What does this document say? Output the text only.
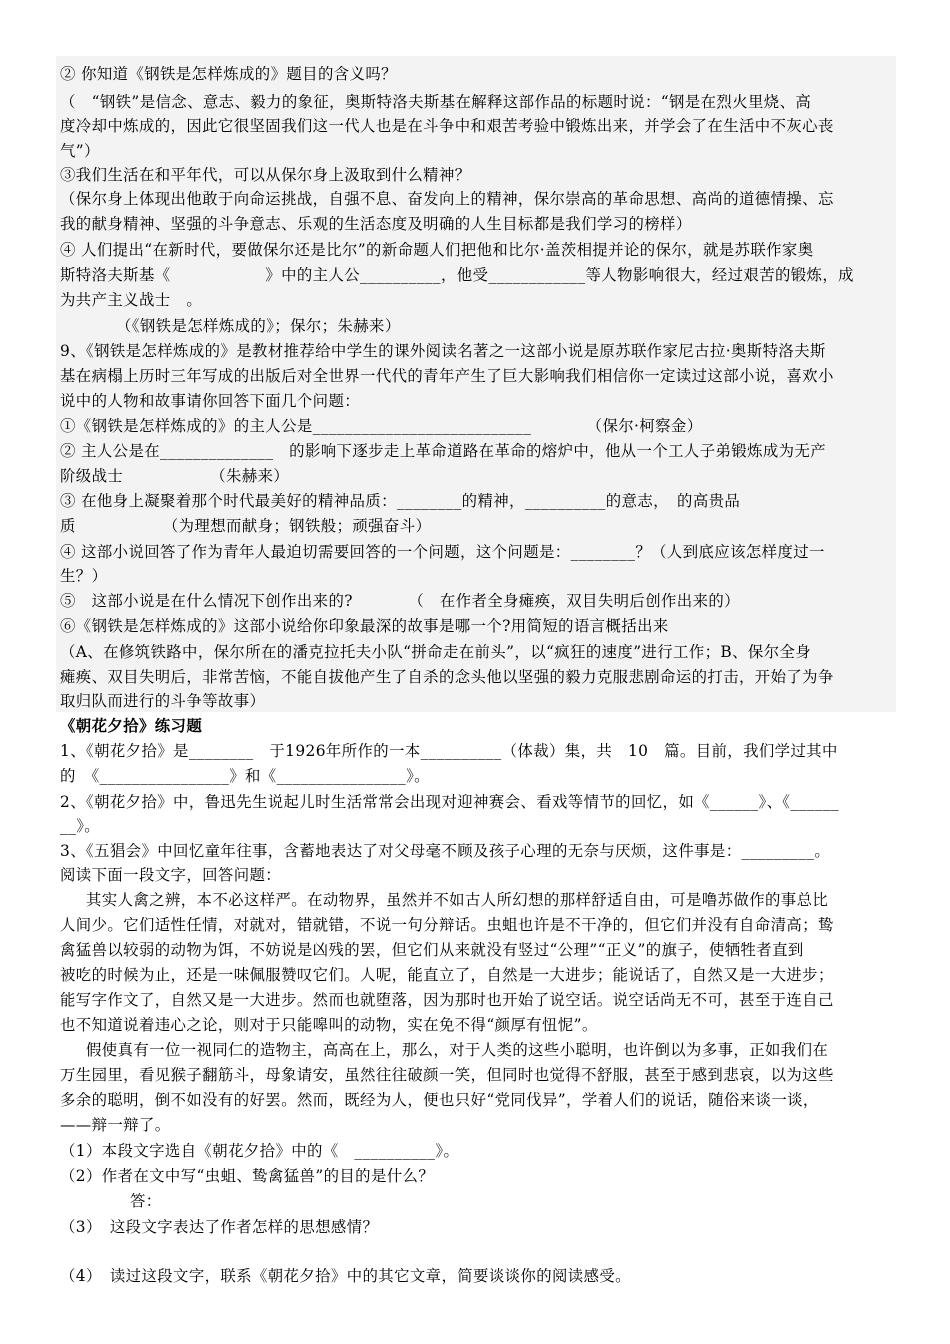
② 你知道《钢铁是怎样炼成的》题目的含义吗？
（　“钢铁”是信念、意志、毅力的象征，奥斯特洛夫斯基在解释这部作品的标题时说：“钢是在烈火里烧、高
度冷却中炼成的，因此它很坚固我们这一代人也是在斗争中和艰苦考验中锻炼出来，并学会了在生活中不灰心丧
气”）
③我们生活在和平年代，可以从保尔身上汲取到什么精神？
（保尔身上体现出他敢于向命运挑战，自强不息、奋发向上的精神，保尔崇高的革命思想、高尚的道德情操、忘
我的献身精神、坚强的斗争意志、乐观的生活态度及明确的人生目标都是我们学习的榜样）
④ 人们提出“在新时代，要做保尔还是比尔”的新命题人们把他和比尔·盖茨相提并论的保尔，就是苏联作家奥
斯特洛夫斯基《　　　　　　》中的主人公__________，他受____________等人物影响很大，经过艰苦的锻炼，成
为共产主义战士　。
（《钢铁是怎样炼成的》；保尔；朱赫来）
9、《钢铁是怎样炼成的》是教材推荐给中学生的课外阅读名著之一这部小说是原苏联作家尼古拉·奥斯特洛夫斯
基在病榻上历时三年写成的出版后对全世界一代代的青年产生了巨大影响我们相信你一定读过这部小说，喜欢小
说中的人物和故事请你回答下面几个问题：
①《钢铁是怎样炼成的》的主人公是___________________________　　　　（保尔·柯察金）
② 主人公是在______________　的影响下逐步走上革命道路在革命的熔炉中，他从一个工人子弟锻炼成为无产
阶级战士　　　　　　（朱赫来）
③ 在他身上凝聚着那个时代最美好的精神品质：________的精神，__________的意志，　的高贵品
质　　　　　　（为理想而献身；钢铁般；顽强奋斗）
④ 这部小说回答了作为青年人最迫切需要回答的一个问题，这个问题是：________？（人到底应该怎样度过一
生？）
⑤　这部小说是在什么情况下创作出来的?　　　　（　在作者全身瘫痪，双目失明后创作出来的）
⑥《钢铁是怎样炼成的》这部小说给你印象最深的故事是哪一个?用简短的语言概括出来
（A、在修筑铁路中，保尔所在的潘克拉托夫小队“拼命走在前头”，以“疯狂的速度”进行工作；B、保尔全身
瘫痪、双目失明后，非常苦恼，不能自拔他产生了自杀的念头他以坚强的毅力克服悲剧命运的打击，开始了为争
取归队而进行的斗争等故事）
《朝花夕拾》练习题
1、《朝花夕拾》是________　于1926年所作的一本__________（体裁）集，共　10　篇。目前，我们学过其中
的　《________________》和《________________》。
2、《朝花夕拾》中，鲁迅先生说起儿时生活常常会出现对迎神赛会、看戏等情节的回忆，如《______》、《______
__》。
3、《五猖会》中回忆童年往事，含蓄地表达了对父母毫不顾及孩子心理的无奈与厌烦，这件事是：_________。
阅读下面一段文字，回答问题：
其实人禽之辨，本不必这样严。在动物界，虽然并不如古人所幻想的那样舒适自由，可是噜苏做作的事总比
人间少。它们适性任情，对就对，错就错，不说一句分辩话。虫蛆也许是不干净的，但它们并没有自命清高；鸷
禽猛兽以较弱的动物为饵，不妨说是凶残的罢，但它们从来就没有竖过“公理”“正义”的旗子，使牺牲者直到
被吃的时候为止，还是一味佩服赞叹它们。人呢，能直立了，自然是一大进步；能说话了，自然又是一大进步；
能写字作文了，自然又是一大进步。然而也就堕落，因为那时也开始了说空话。说空话尚无不可，甚至于连自己
也不知道说着违心之论，则对于只能嗥叫的动物，实在免不得“颜厚有忸怩”。
假使真有一位一视同仁的造物主，高高在上，那么，对于人类的这些小聪明，也许倒以为多事，正如我们在
万生园里，看见猴子翻筋斗，母象请安，虽然往往破颜一笑，但同时也觉得不舒服，甚至于感到悲哀，以为这些
多余的聪明，倒不如没有的好罢。然而，既经为人，便也只好“党同伐异”，学着人们的说话，随俗来谈一谈，
——辩一辩了。
（1）本段文字选自《朝花夕拾》中的《　__________》。
（2）作者在文中写“虫蛆、鸷禽猛兽”的目的是什么？
答：
（3）　这段文字表达了作者怎样的思想感情？
（4）　读过这段文字，联系《朝花夕拾》中的其它文章，简要谈谈你的阅读感受。
